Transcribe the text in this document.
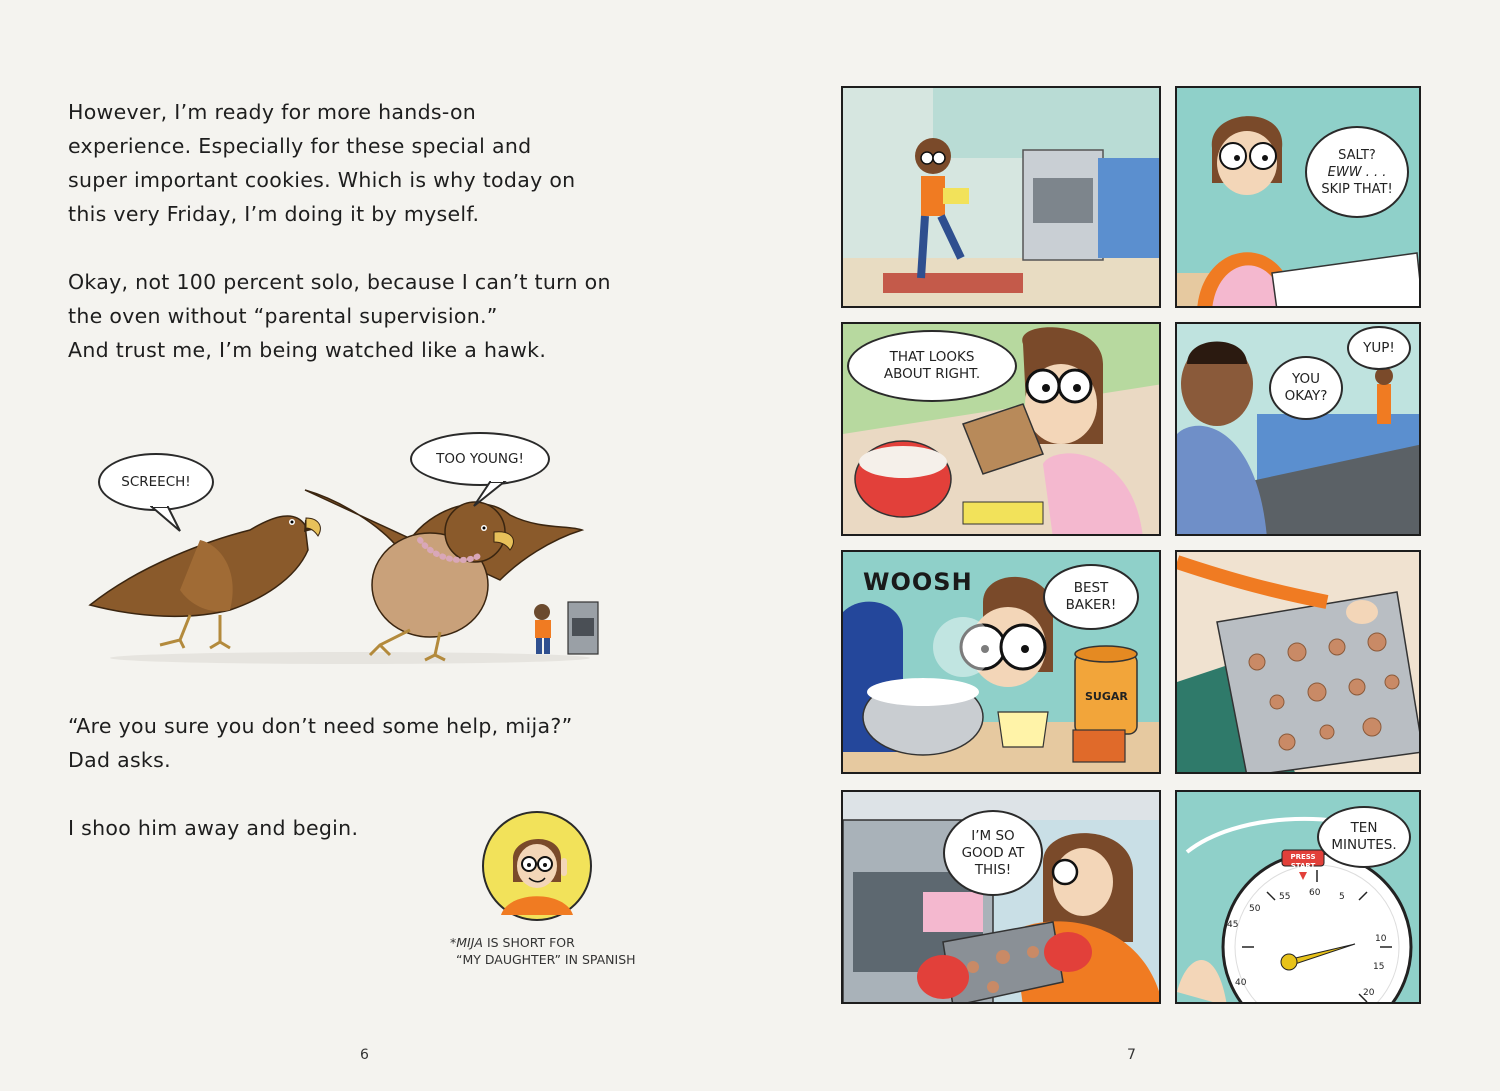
However, I’m ready for more hands-on
experience. Especially for these special and
super important cookies. Which is why today on
this very Friday, I’m doing it by myself.
Okay, not 100 percent solo, because I can’t turn on
the oven without “parental supervision.”
And trust me, I’m being watched like a hawk.
SCREECH!
TOO YOUNG!
“Are you sure you don’t need some help, mija?”
Dad asks.
I shoo him away and begin.
*MIJA IS SHORT FOR
“MY DAUGHTER” IN SPANISH
6
SALT?
EWW . . .
SKIP THAT!
THAT LOOKS
ABOUT RIGHT.
YUP!
YOU
OKAY?
WOOSH	BEST
BAKER!
SUGAR
I’M SO
GOOD AT
THIS!
PRESS START
45
50
55 60 5
10
15
20
40
TEN
MINUTES.
7
